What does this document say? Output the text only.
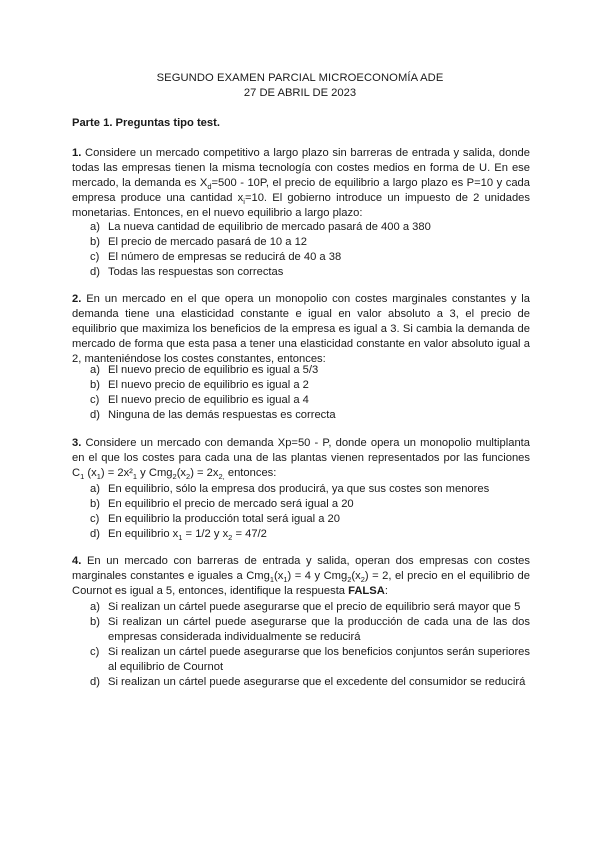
SEGUNDO EXAMEN PARCIAL MICROECONOMÍA ADE
27 DE ABRIL DE 2023
Parte 1. Preguntas tipo test.
1. Considere un mercado competitivo a largo plazo sin barreras de entrada y salida, donde todas las empresas tienen la misma tecnología con costes medios en forma de U. En ese mercado, la demanda es $X_d=500 - 10P$, el precio de equilibrio a largo plazo es P=10 y cada empresa produce una cantidad $x_i=10$. El gobierno introduce un impuesto de 2 unidades monetarias. Entonces, en el nuevo equilibrio a largo plazo:
a) La nueva cantidad de equilibrio de mercado pasará de 400 a 380
b) El precio de mercado pasará de 10 a 12
c) El número de empresas se reducirá de 40 a 38
d) Todas las respuestas son correctas
2. En un mercado en el que opera un monopolio con costes marginales constantes y la demanda tiene una elasticidad constante e igual en valor absoluto a 3, el precio de equilibrio que maximiza los beneficios de la empresa es igual a 3. Si cambia la demanda de mercado de forma que esta pasa a tener una elasticidad constante en valor absoluto igual a 2, manteniéndose los costes constantes, entonces:
a) El nuevo precio de equilibrio es igual a 5/3
b) El nuevo precio de equilibrio es igual a 2
c) El nuevo precio de equilibrio es igual a 4
d) Ninguna de las demás respuestas es correcta
3. Considere un mercado con demanda Xp=50 - P, donde opera un monopolio multiplanta en el que los costes para cada una de las plantas vienen representados por las funciones $C_1$ $(x_1) = 2x^2_1$ y $Cmg_2(x_2) = 2x_{2,}$ entonces:
a) En equilibrio, sólo la empresa dos producirá, ya que sus costes son menores
b) En equilibrio el precio de mercado será igual a 20
c) En equilibrio la producción total será igual a 20
d) En equilibrio $x_1 = 1/2$ y $x_2 = 47/2$
4. En un mercado con barreras de entrada y salida, operan dos empresas con costes marginales constantes e iguales a $Cmg_1(x_1) = 4$ y $Cmg_2(x_2) = 2$, el precio en el equilibrio de Cournot es igual a 5, entonces, identifique la respuesta FALSA:
a) Si realizan un cártel puede asegurarse que el precio de equilibrio será mayor que 5
b) Si realizan un cártel puede asegurarse que la producción de cada una de las dos empresas considerada individualmente se reducirá
c) Si realizan un cártel puede asegurarse que los beneficios conjuntos serán superiores al equilibrio de Cournot
d) Si realizan un cártel puede asegurarse que el excedente del consumidor se reducirá
